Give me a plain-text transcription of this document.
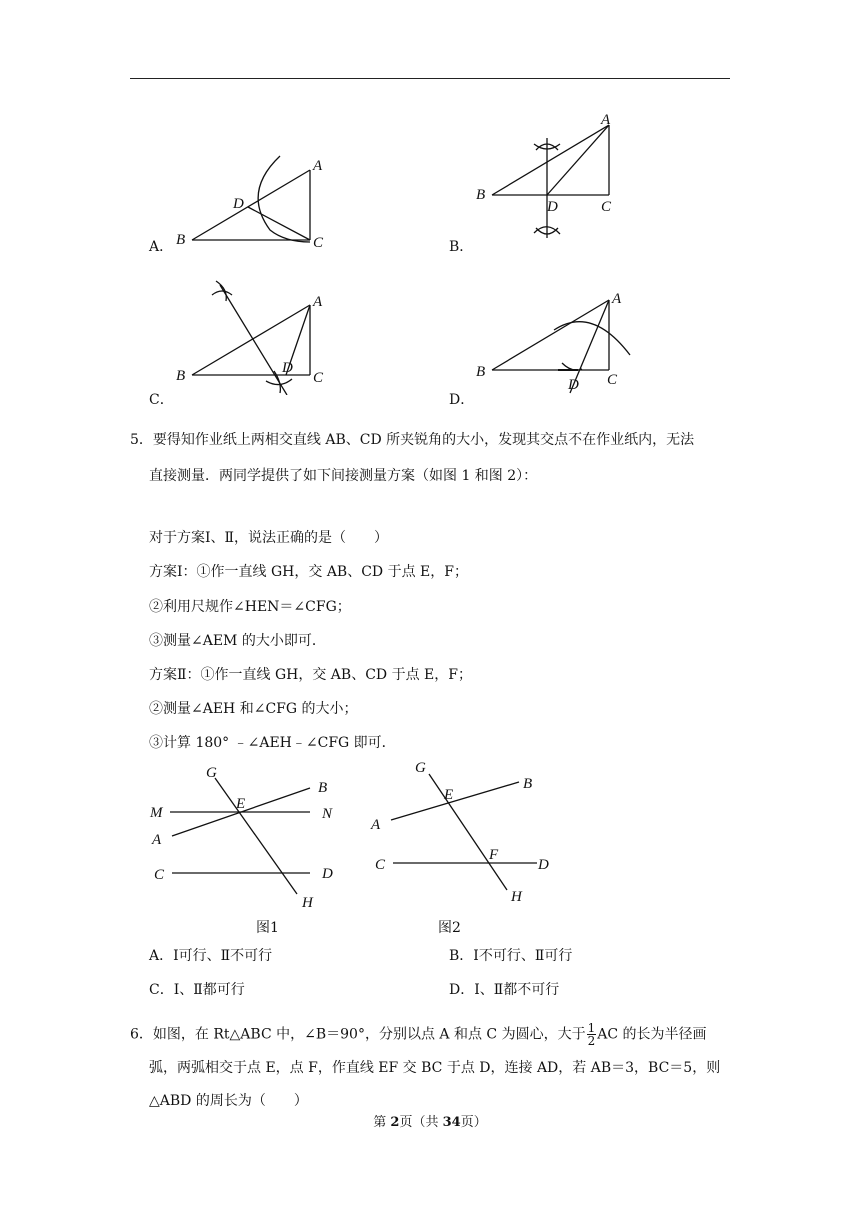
A．	B．
C．	D．
B
A
C
D
B
A
C
D
B
A
C
D	B
A
C
D
5．要得知作业纸上两相交直线 AB、CD 所夹锐角的大小，发现其交点不在作业纸内，无法
直接测量．两同学提供了如下间接测量方案（如图 1 和图 2）：
对于方案Ⅰ、Ⅱ，说法正确的是（　　）
方案Ⅰ：①作一直线 GH，交 AB、CD 于点 E，F；
②利用尺规作∠HEN＝∠CFG；
③测量∠AEM 的大小即可．
方案Ⅱ：①作一直线 GH，交 AB、CD 于点 E，F；
②测量∠AEH 和∠CFG 的大小；
③计算 180° ﹣∠AEH﹣∠CFG 即可．
G
B
M
E
N
A
C	D
H
G
B
E
A
C
F
D
H
图1	图2
A．Ⅰ可行、Ⅱ不可行	B．Ⅰ不可行、Ⅱ可行
C．Ⅰ、Ⅱ都可行	D．Ⅰ、Ⅱ都不可行
6．如图，在 Rt△ABC 中，∠B＝90°，分别以点 A 和点 C 为圆心，大于 $\frac{1}{2}$ AC 的长为半径画
弧，两弧相交于点 E，点 F，作直线 EF 交 BC 于点 D，连接 AD，若 AB＝3，BC＝5，则
△ABD 的周长为（　　）
第 2页（共 34页）
